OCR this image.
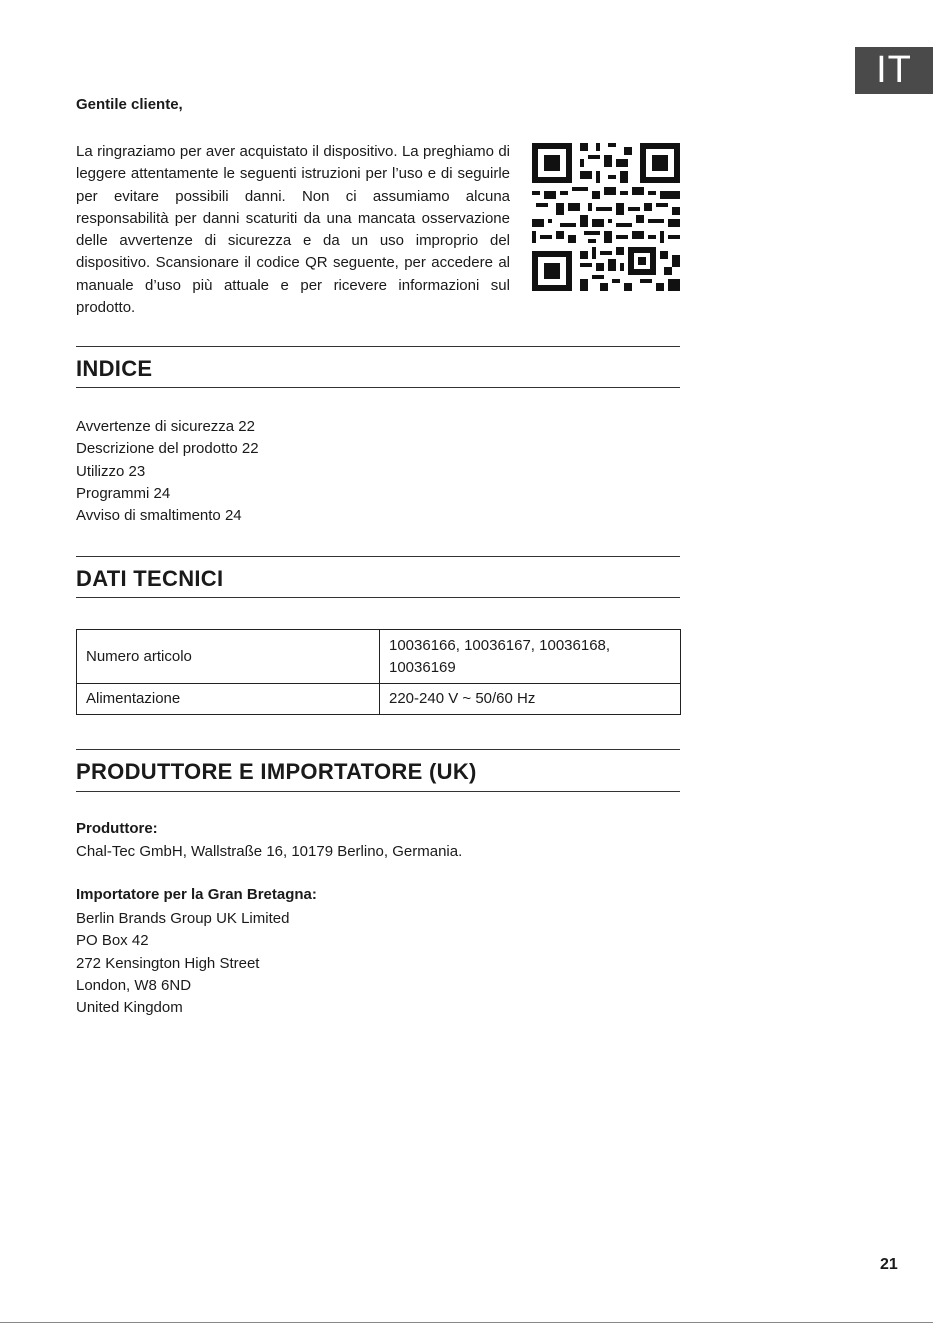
IT
Gentile cliente,

La ringraziamo per aver acquistato il dispositivo. La preghiamo di leggere attentamente le seguenti istruzioni per l’uso e di seguirle per evitare possibili danni. Non ci assumiamo alcuna responsabilità per danni scaturiti da una mancata osservazione delle avvertenze di sicurezza e da un uso improprio del dispositivo. Scansionare il codice QR seguente, per accedere al manuale d’uso più attuale e per ricevere informazioni sul prodotto.

INDICE
Avvertenze di sicurezza 22
Descrizione del prodotto 22
Utilizzo 23
Programmi 24
Avviso di smaltimento 24
DATI TECNICI
Numero articolo	10036166, 10036167, 10036168,
10036169
Alimentazione	220-240 V ~ 50/60 Hz
PRODUTTORE E IMPORTATORE (UK)
Produttore:
Chal-Tec GmbH, Wallstraße 16, 10179 Berlino, Germania.
Importatore per la Gran Bretagna:
Berlin Brands Group UK Limited
PO Box 42
272 Kensington High Street
London, W8 6ND
United Kingdom
21
